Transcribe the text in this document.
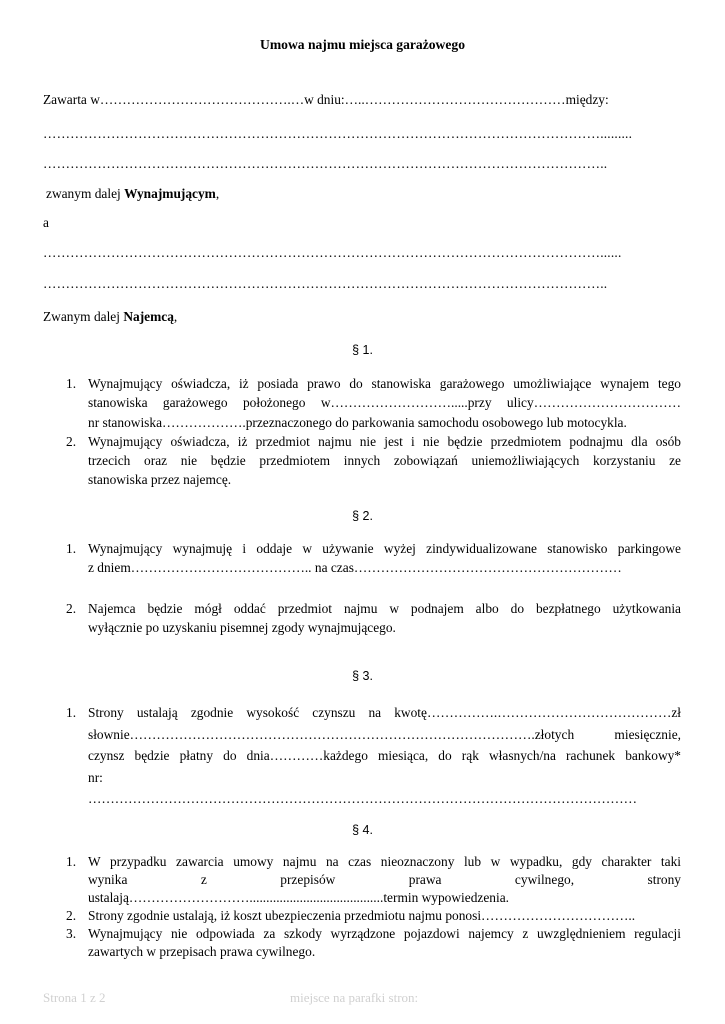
Umowa najmu miejsca garażowego
Zawarta w…………………………………….…w dniu:…..………………………………………między:
…………………………………………………………………………………………………………….........
……………………………………………………………………………………………………………..
zwanym dalej Wynajmującym,
a
……………………………………………………………………………………………………………......
……………………………………………………………………………………………………………..
Zwanym dalej Najemcą,
§ 1.
1. Wynajmujący oświadcza, iż posiada prawo do stanowiska garażowego umożliwiające wynajem tego
stanowiska garażowego położonego w……………………….....przy ulicy……………………………
nr stanowiska……………….przeznaczonego do parkowania samochodu osobowego lub motocykla.
2. Wynajmujący oświadcza, iż przedmiot najmu nie jest i nie będzie przedmiotem podnajmu dla osób
trzecich oraz nie będzie przedmiotem innych zobowiązań uniemożliwiających korzystaniu ze
stanowiska przez najemcę.
§ 2.
1. Wynajmujący wynajmuję i oddaje w używanie wyżej zindywidualizowane stanowisko parkingowe
z dniem………………………………….. na czas……………………………………………………
2. Najemca będzie mógł oddać przedmiot najmu w podnajem albo do bezpłatnego użytkowania
wyłącznie po uzyskaniu pisemnej zgody wynajmującego.
§ 3.
1. Strony ustalają zgodnie wysokość czynszu na kwotę…………….…………………………………zł
słownie……………………………………………………………………………….złotych miesięcznie,
czynsz będzie płatny do dnia…………każdego miesiąca, do rąk własnych/na rachunek bankowy*
nr:
……………………………………………………………………………………………………………
§ 4.
1. W przypadku zawarcia umowy najmu na czas nieoznaczony lub w wypadku, gdy charakter taki
wynika z przepisów prawa cywilnego, strony
ustalają………………………........................................termin wypowiedzenia.
2. Strony zgodnie ustalają, iż koszt ubezpieczenia przedmiotu najmu ponosi……………………………..
3. Wynajmujący nie odpowiada za szkody wyrządzone pojazdowi najemcy z uwzględnieniem regulacji
zawartych w przepisach prawa cywilnego.
Strona 1 z 2	miejsce na parafki stron:
